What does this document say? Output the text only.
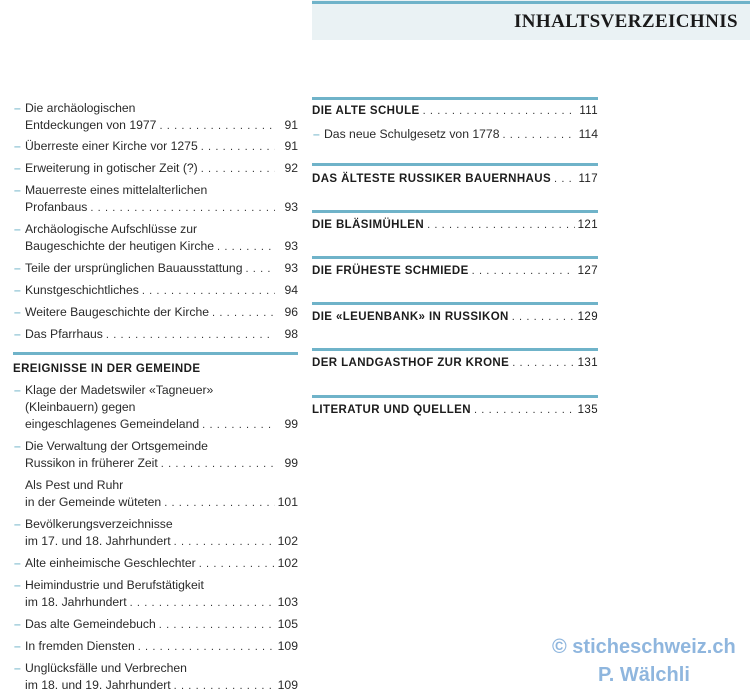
INHALTSVERZEICHNIS
– Die archäologischen
Entdeckungen von 1977 . . .	91
– Überreste einer Kirche vor 1275 . . .	91
– Erweiterung in gotischer Zeit (?) . . .	92
– Mauerreste eines mittelalterlichen
Profanbaus . . .	93
– Archäologische Aufschlüsse zur
Baugeschichte der heutigen Kirche . . .	93
– Teile der ursprünglichen Bauausstattung . . .	93
– Kunstgeschichtliches . . .	94
– Weitere Baugeschichte der Kirche . . .	96
– Das Pfarrhaus . . .	98
EREIGNISSE IN DER GEMEINDE
– Klage der Madetswiler «Tagneuer»
(Kleinbauern) gegen
eingeschlagenes Gemeindeland . . .	99
– Die Verwaltung der Ortsgemeinde
Russikon in früherer Zeit . . .	99
Als Pest und Ruhr
in der Gemeinde wüteten . . .	101
– Bevölkerungsverzeichnisse
im 17. und 18. Jahrhundert . . .	102
– Alte einheimische Geschlechter . . .	102
– Heimindustrie und Berufstätigkeit
im 18. Jahrhundert . . .	103
– Das alte Gemeindebuch . . .	105
– In fremden Diensten . . .	109
– Unglücksfälle und Verbrechen
im 18. und 19. Jahrhundert . . .	109
DIE ALTE SCHULE . . .	111
– Das neue Schulgesetz von 1778 . . .	114
DAS ÄLTESTE RUSSIKER BAUERNHAUS . . . 117
DIE BLÄSIMÜHLEN . . .	121
DIE FRÜHESTE SCHMIEDE . . .	127
DIE «LEUENBANK» IN RUSSIKON . . .	129
DER LANDGASTHOF ZUR KRONE . . .	131
LITERATUR UND QUELLEN . . .	135
© sticheschweiz.ch
P. Wälchli
